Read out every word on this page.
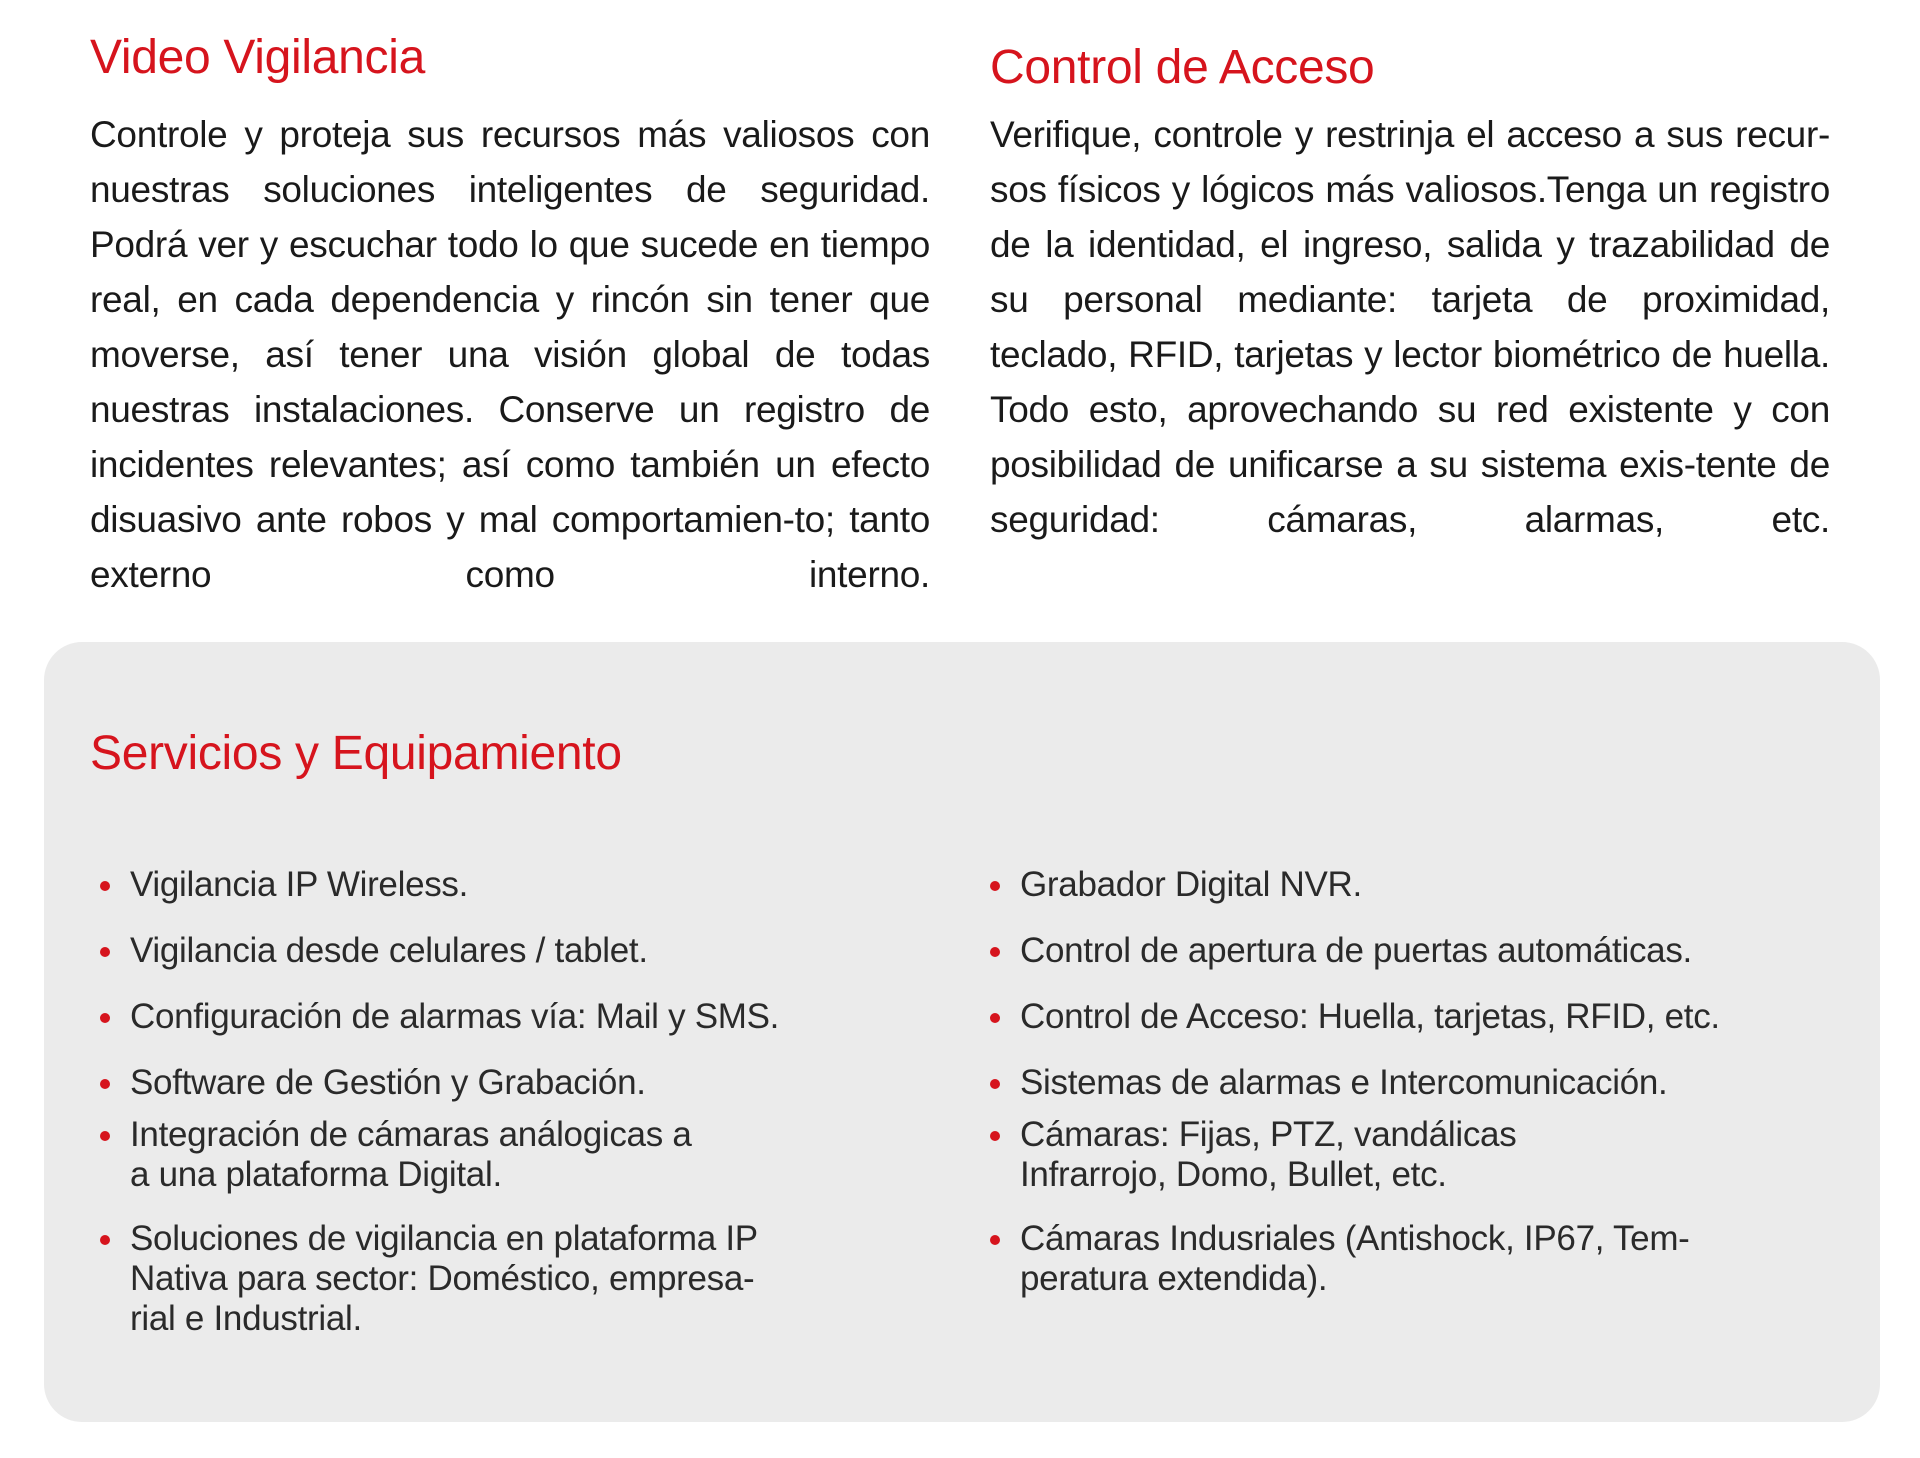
Video Vigilancia

Controle y proteja sus recursos más valiosos con nuestras soluciones inteligentes de seguridad. Podrá ver y escuchar todo lo que sucede en tiempo real, en cada dependencia y rincón sin tener que moverse, así tener una visión global de todas nuestras instalaciones. Conserve un registro de incidentes relevantes; así como también un efecto disuasivo ante robos y mal comportamien-to; tanto externo como interno.

Control de Acceso

Verifique, controle y restrinja el acceso a sus recur-sos físicos y lógicos más valiosos.Tenga un registro de la identidad, el ingreso, salida y trazabilidad de su personal mediante: tarjeta de proximidad, teclado, RFID, tarjetas y lector biométrico de huella. Todo esto, aprovechando su red existente y con posibilidad de unificarse a su sistema exis-tente de seguridad: cámaras, alarmas, etc.

Servicios y Equipamiento
Vigilancia IP Wireless.
Vigilancia desde celulares / tablet.
Configuración de alarmas vía: Mail y SMS.
Software de Gestión y Grabación.
Integración de cámaras análogicas a
a una plataforma Digital.
Soluciones de vigilancia en plataforma IP
Nativa para sector: Doméstico, empresa-
rial e Industrial.
Grabador Digital NVR.
Control de apertura de puertas automáticas.
Control de Acceso: Huella, tarjetas, RFID, etc.
Sistemas de alarmas e Intercomunicación.
Cámaras: Fijas, PTZ, vandálicas
Infrarrojo, Domo, Bullet, etc.
Cámaras Indusriales (Antishock, IP67, Tem-
peratura extendida).
